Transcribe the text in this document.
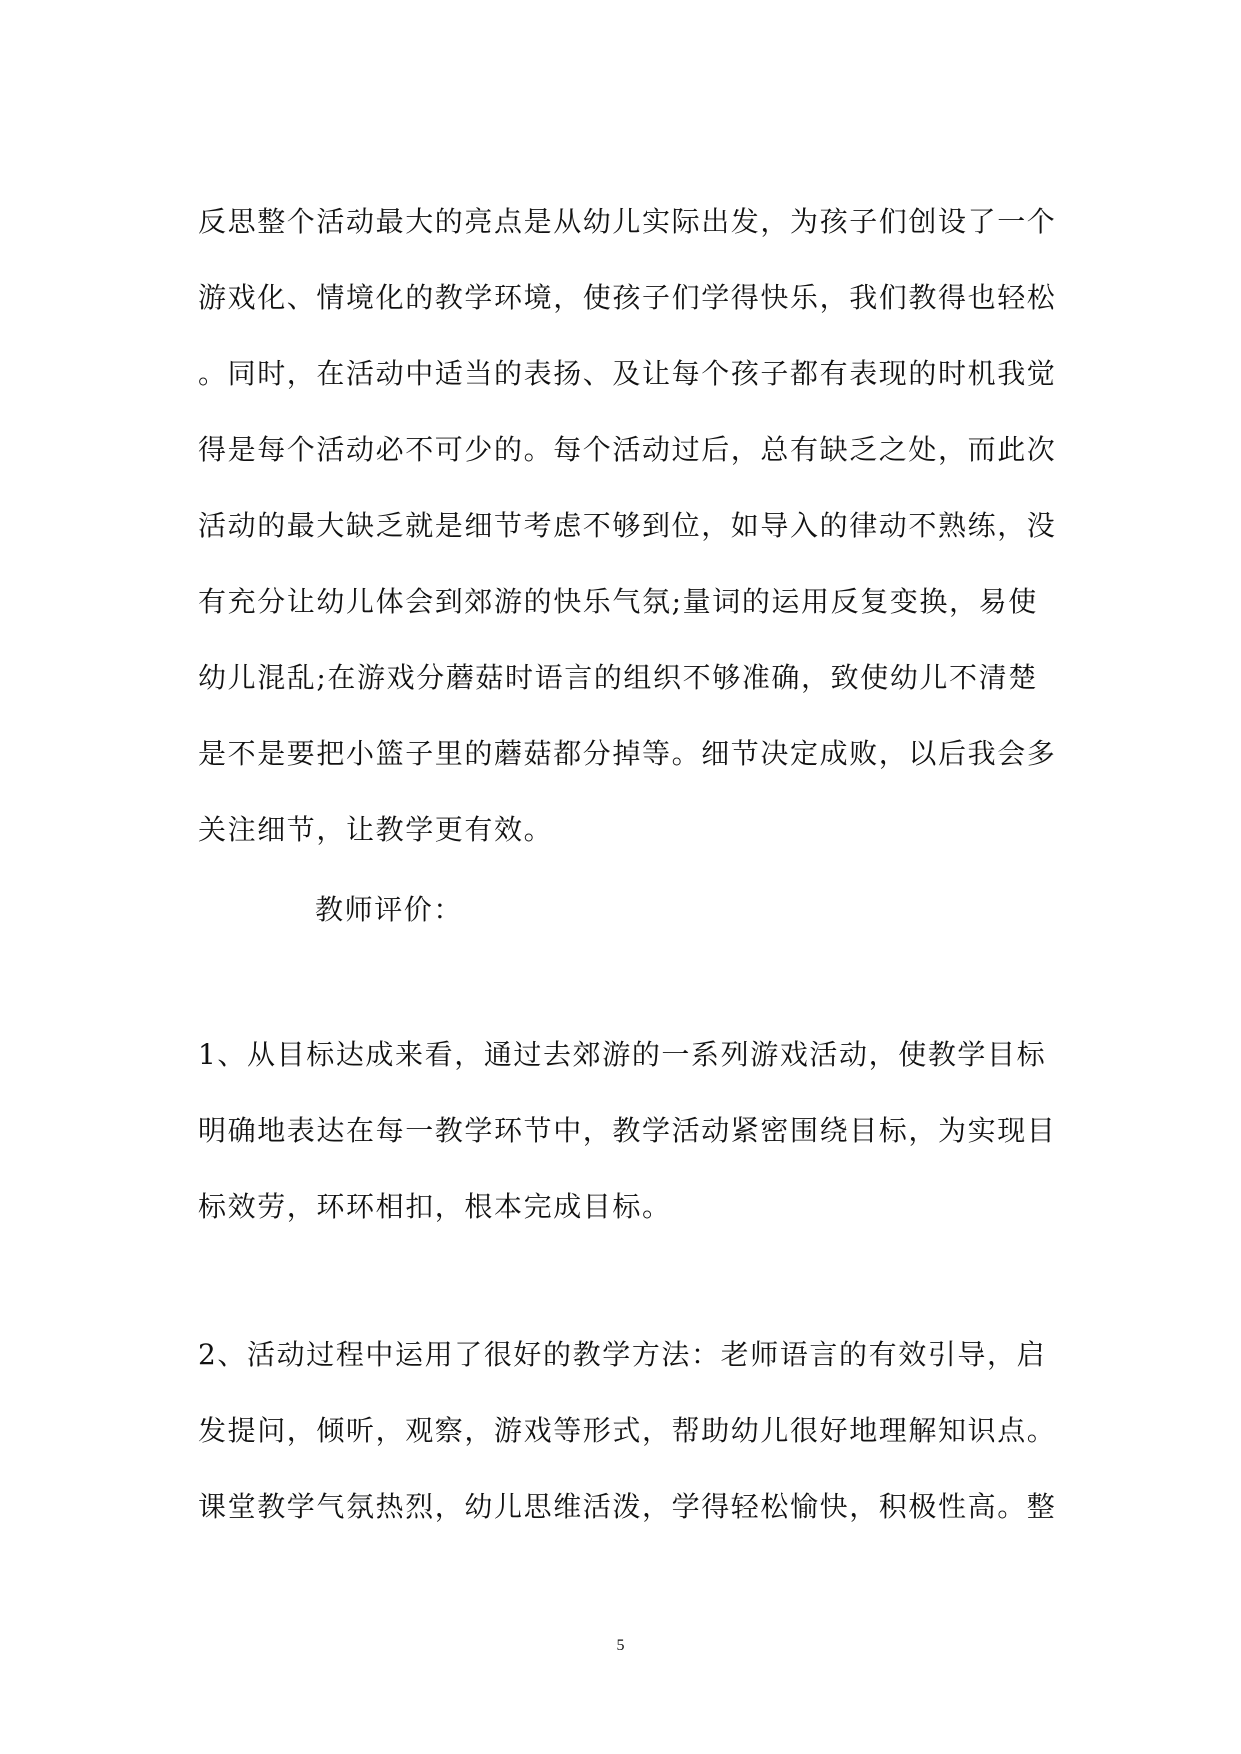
反思整个活动最大的亮点是从幼儿实际出发，为孩子们创设了一个
游戏化、情境化的教学环境，使孩子们学得快乐，我们教得也轻松
。同时，在活动中适当的表扬、及让每个孩子都有表现的时机我觉
得是每个活动必不可少的。每个活动过后，总有缺乏之处，而此次
活动的最大缺乏就是细节考虑不够到位，如导入的律动不熟练，没
有充分让幼儿体会到郊游的快乐气氛;量词的运用反复变换，易使
幼儿混乱;在游戏分蘑菇时语言的组织不够准确，致使幼儿不清楚
是不是要把小篮子里的蘑菇都分掉等。细节决定成败，以后我会多
关注细节，让教学更有效。
教师评价：
1、从目标达成来看，通过去郊游的一系列游戏活动，使教学目标
明确地表达在每一教学环节中，教学活动紧密围绕目标，为实现目
标效劳，环环相扣，根本完成目标。
2、活动过程中运用了很好的教学方法：老师语言的有效引导，启
发提问，倾听，观察，游戏等形式，帮助幼儿很好地理解知识点。
课堂教学气氛热烈，幼儿思维活泼，学得轻松愉快，积极性高。整
5
